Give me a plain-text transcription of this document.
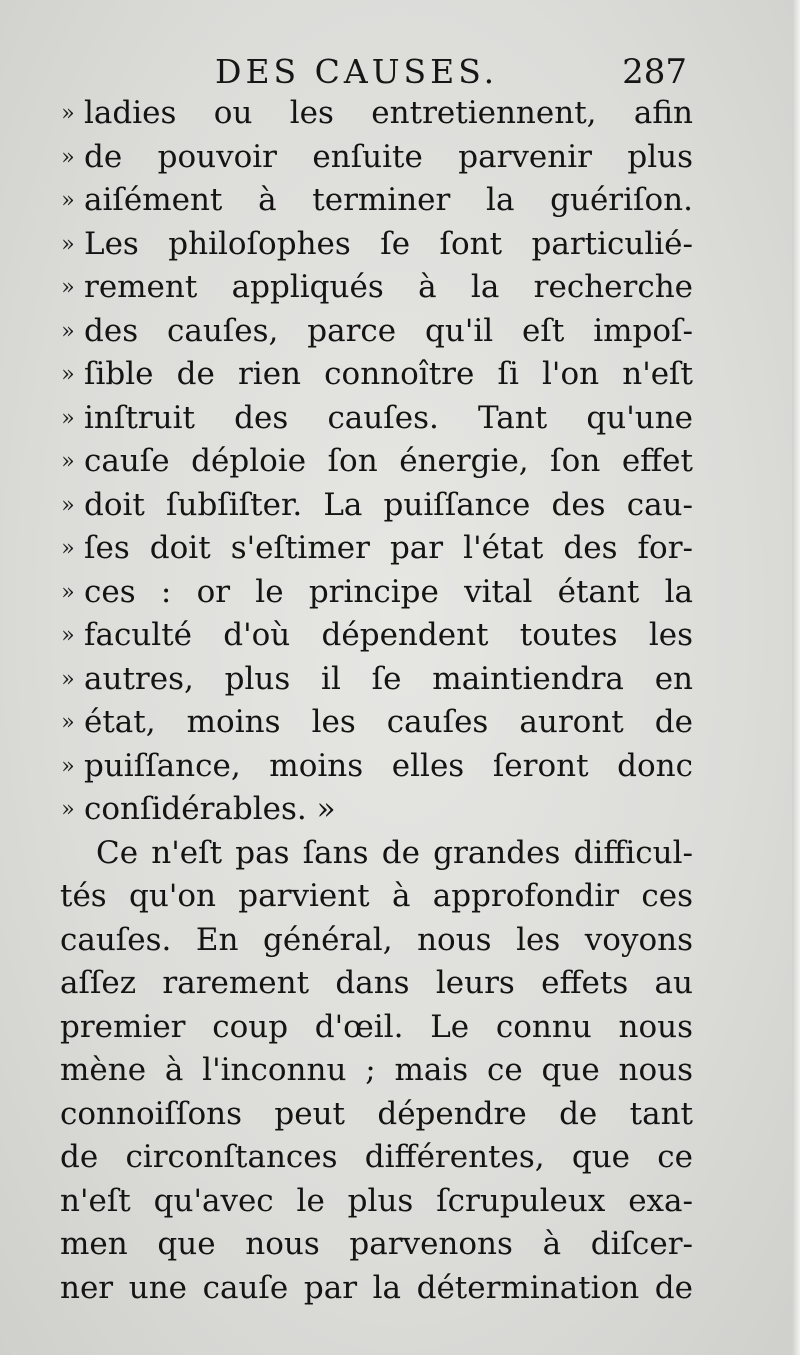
DES CAUSES.	287
» ladies ou les entretiennent, afin
» de pouvoir enſuite parvenir plus
» aiſément à terminer la guériſon.
» Les philoſophes ſe ſont particulié-
» rement appliqués à la recherche
» des cauſes, parce qu'il eſt impoſ-
» ſible de rien connoître ſi l'on n'eſt
» inſtruit des cauſes. Tant qu'une
» cauſe déploie ſon énergie, ſon effet
» doit ſubſiſter. La puiſſance des cau-
» ſes doit s'eſtimer par l'état des for-
» ces : or le principe vital étant la
» faculté d'où dépendent toutes les
» autres, plus il ſe maintiendra en
» état, moins les cauſes auront de
» puiſſance, moins elles ſeront donc
» conſidérables. »
Ce n'eſt pas ſans de grandes difficul-
tés qu'on parvient à approfondir ces
cauſes. En général, nous les voyons
aſſez rarement dans leurs effets au
premier coup d'œil. Le connu nous
mène à l'inconnu ; mais ce que nous
connoiſſons peut dépendre de tant
de circonſtances différentes, que ce
n'eſt qu'avec le plus ſcrupuleux exa-
men que nous parvenons à diſcer-
ner une cauſe par la détermination de
